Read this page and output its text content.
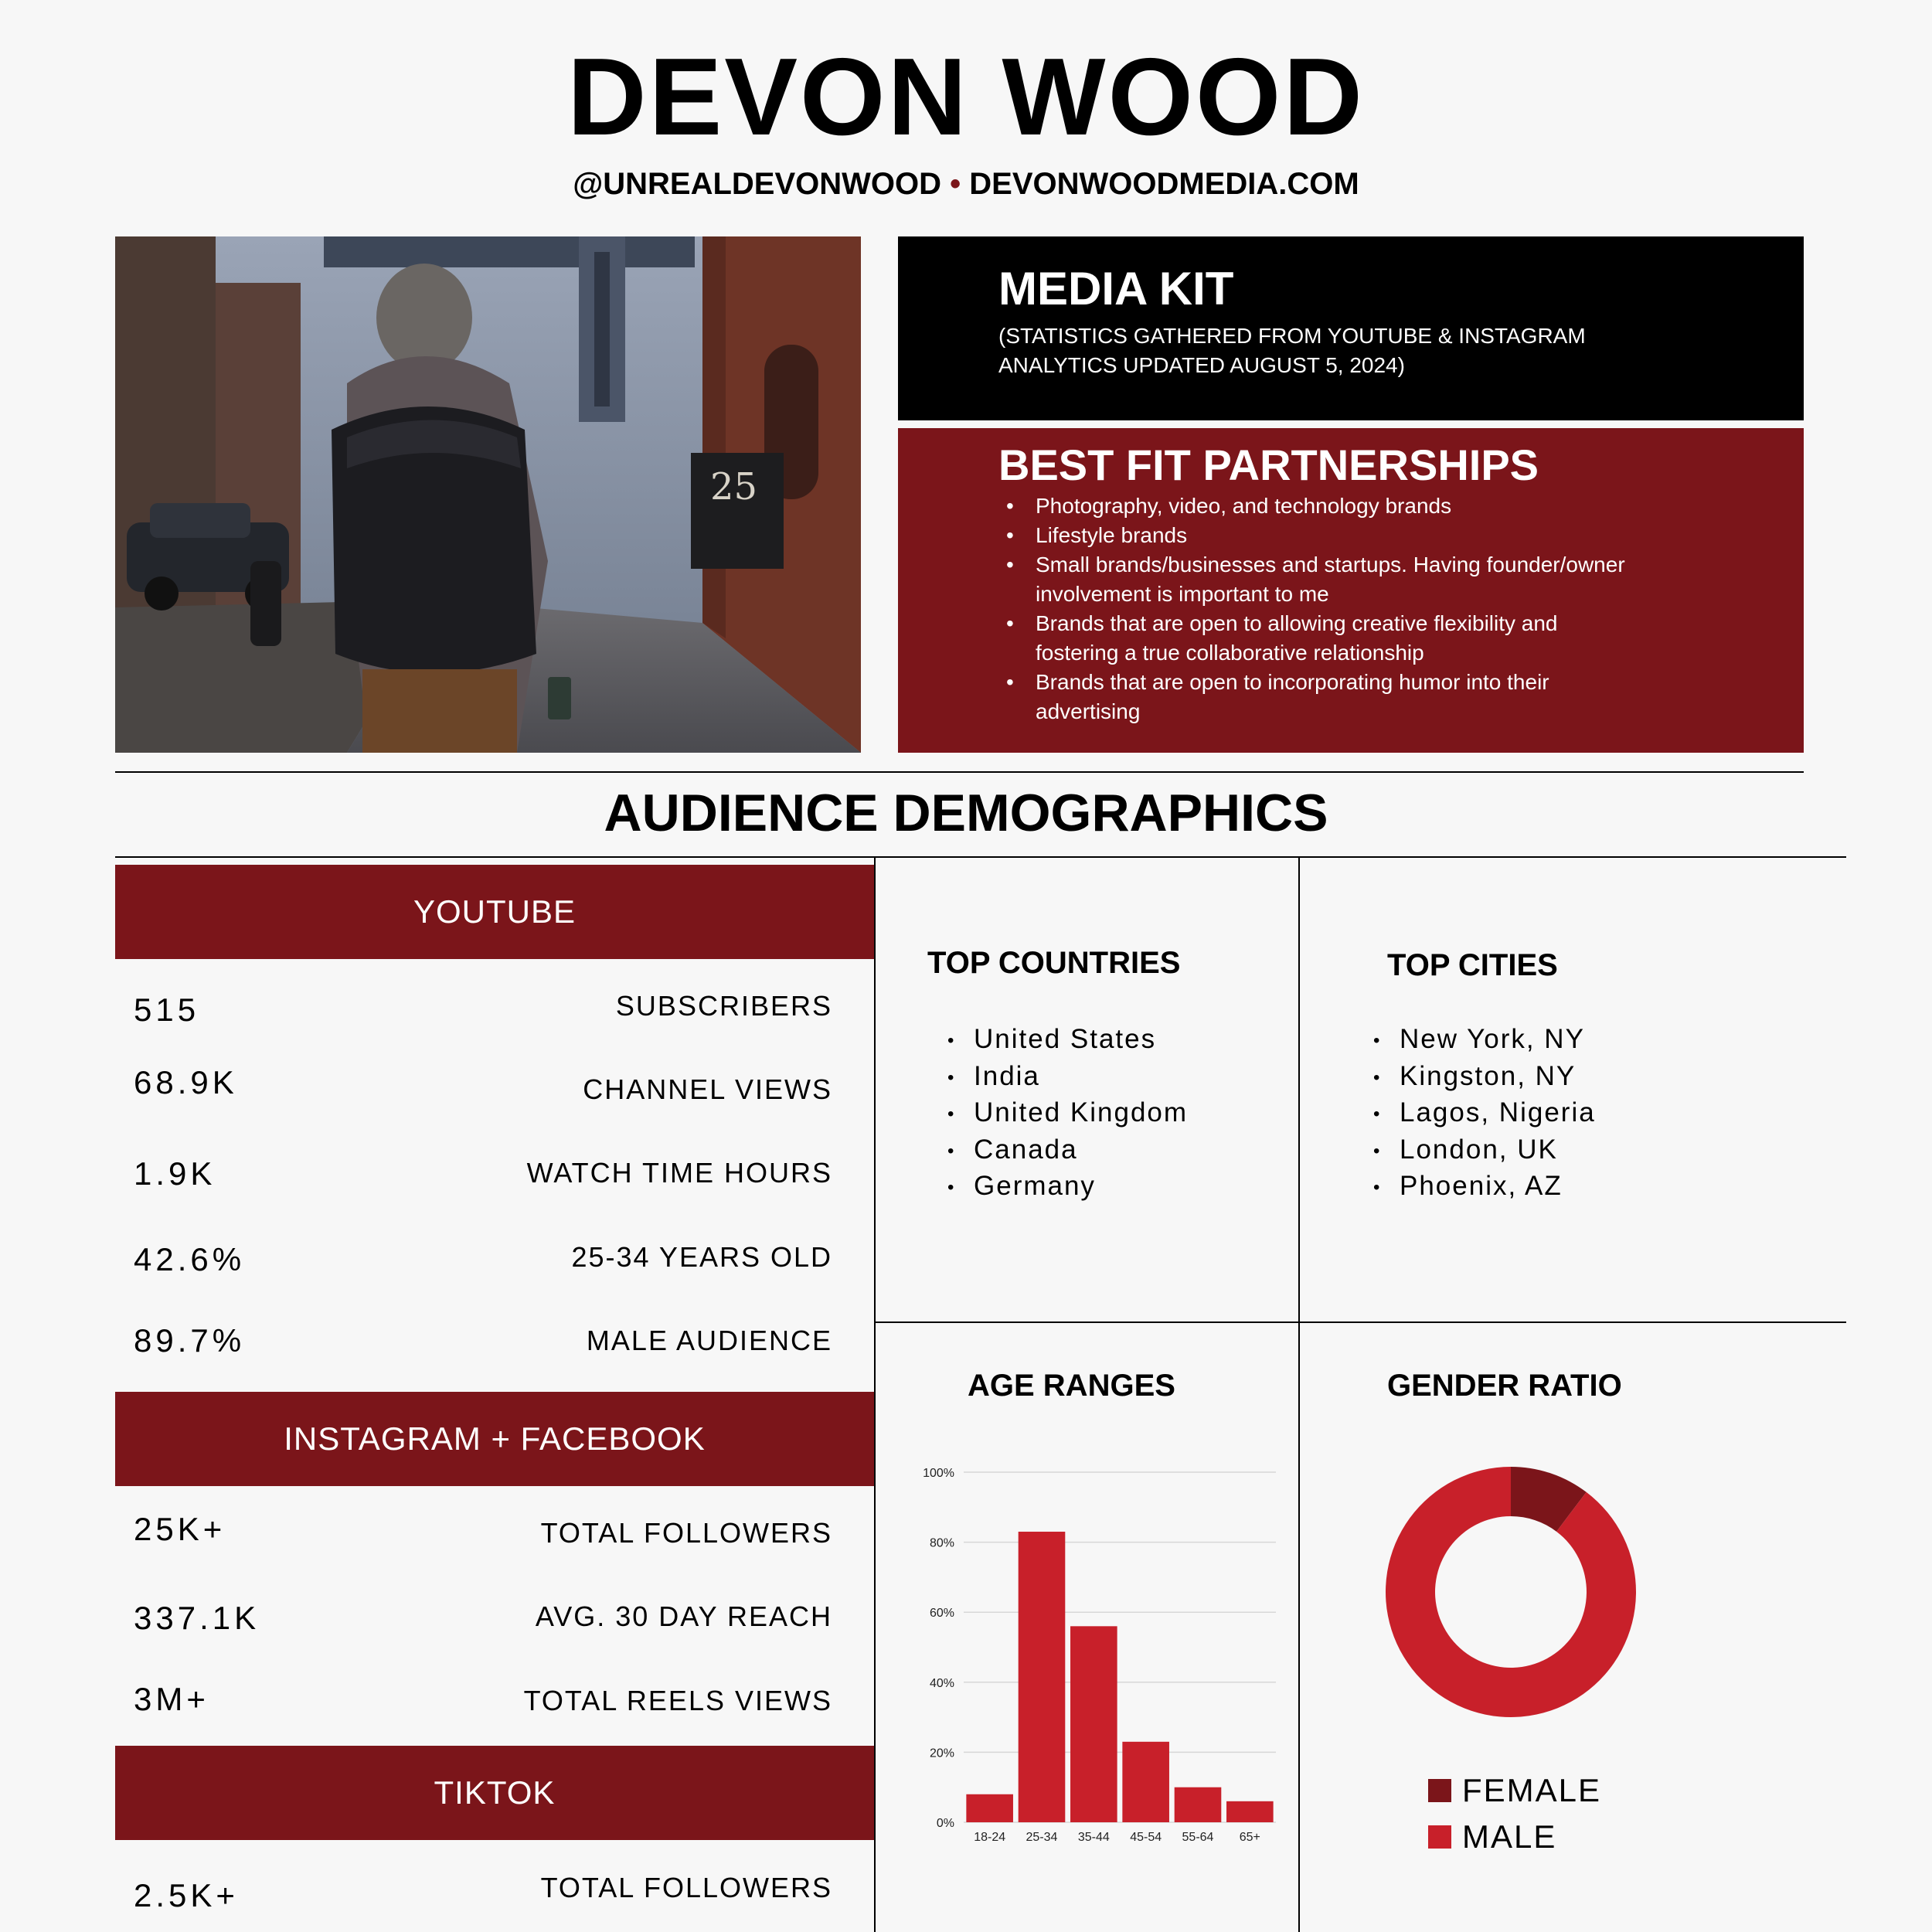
DEVON WOOD
@UNREALDEVONWOOD • DEVONWOODMEDIA.COM
25
MEDIA KIT

(STATISTICS GATHERED FROM YOUTUBE & INSTAGRAM ANALYTICS UPDATED AUGUST 5, 2024)

BEST FIT PARTNERSHIPS
• Photography, video, and technology brands
• Lifestyle brands
• Small brands/businesses and startups. Having founder/owner involvement is important to me
• Brands that are open to allowing creative flexibility and fostering a true collaborative relationship
• Brands that are open to incorporating humor into their advertising
AUDIENCE DEMOGRAPHICS
YOUTUBE
515	SUBSCRIBERS
68.9K	CHANNEL VIEWS
1.9K	WATCH TIME HOURS
42.6%	25-34 YEARS OLD
89.7%	MALE AUDIENCE
INSTAGRAM + FACEBOOK
25K+	TOTAL FOLLOWERS
337.1K	AVG. 30 DAY REACH
3M+	TOTAL REELS VIEWS
TIKTOK
2.5K+	TOTAL FOLLOWERS
TOP COUNTRIES
• United States
• India
• United Kingdom
• Canada
• Germany
TOP CITIES
• New York, NY
• Kingston, NY
• Lagos, Nigeria
• London, UK
• Phoenix, AZ
AGE RANGES
0%
20%
40%
60%
80%
100%
18-24 25-34 35-44 45-54 55-64 65+
GENDER RATIO
FEMALE
MALE
